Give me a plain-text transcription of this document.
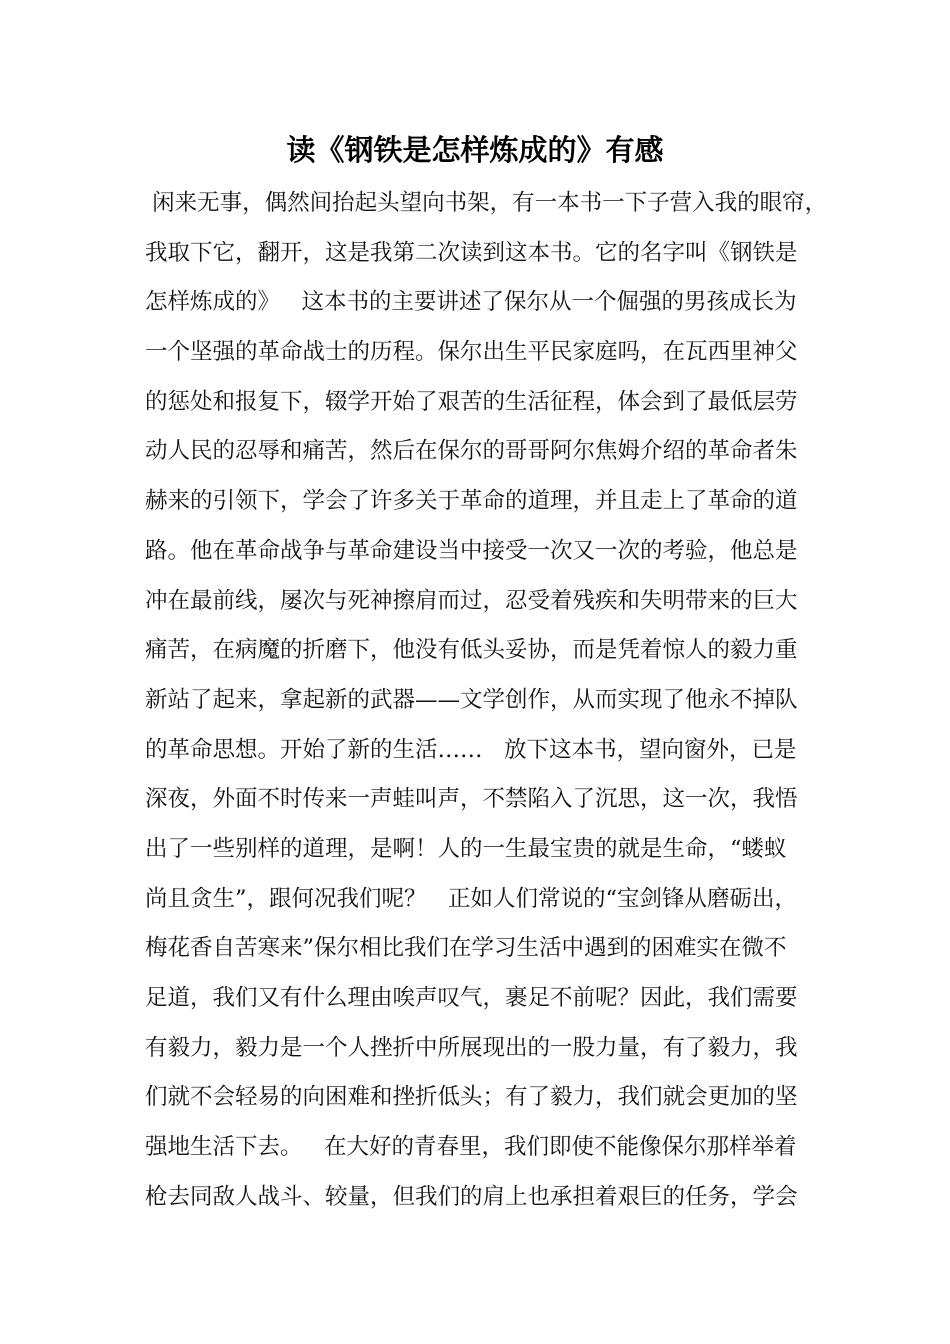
读《钢铁是怎样炼成的》有感
闲来无事，偶然间抬起头望向书架，有一本书一下子营入我的眼帘，
我取下它，翻开，这是我第二次读到这本书。它的名字叫《钢铁是
怎样炼成的》   这本书的主要讲述了保尔从一个倔强的男孩成长为
一个坚强的革命战士的历程。保尔出生平民家庭吗，在瓦西里神父
的惩处和报复下，辍学开始了艰苦的生活征程，体会到了最低层劳
动人民的忍辱和痛苦，然后在保尔的哥哥阿尔焦姆介绍的革命者朱
赫来的引领下，学会了许多关于革命的道理，并且走上了革命的道
路。他在革命战争与革命建设当中接受一次又一次的考验，他总是
冲在最前线，屡次与死神擦肩而过，忍受着残疾和失明带来的巨大
痛苦，在病魔的折磨下，他没有低头妥协，而是凭着惊人的毅力重
新站了起来，拿起新的武器——文学创作，从而实现了他永不掉队
的革命思想。开始了新的生活……   放下这本书，望向窗外，已是
深夜，外面不时传来一声蛙叫声，不禁陷入了沉思，这一次，我悟
出了一些别样的道理，是啊！人的一生最宝贵的就是生命，“蝼蚁
尚且贪生”，跟何况我们呢？   正如人们常说的“宝剑锋从磨砺出，
梅花香自苦寒来”保尔相比我们在学习生活中遇到的困难实在微不
足道，我们又有什么理由唉声叹气，裹足不前呢？因此，我们需要
有毅力，毅力是一个人挫折中所展现出的一股力量，有了毅力，我
们就不会轻易的向困难和挫折低头；有了毅力，我们就会更加的坚
强地生活下去。   在大好的青春里，我们即使不能像保尔那样举着
枪去同敌人战斗、较量，但我们的肩上也承担着艰巨的任务，学会
